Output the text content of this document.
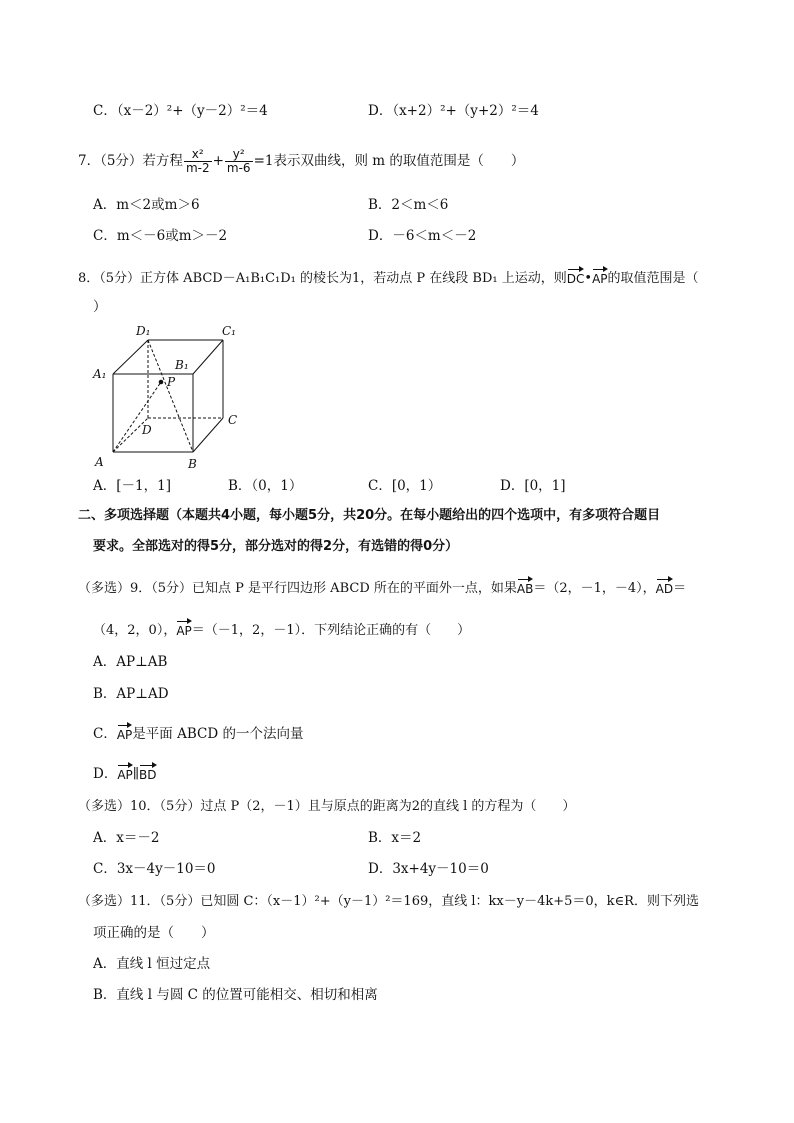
C．（x－2）²+（y－2）²＝4	D．（x+2）²+（y+2）²＝4
7．（5分）若方程 $\frac{\text{x²}}{m-2} + \frac{\text{y²}}{m-6} =1$表示双曲线，则 m 的取值范围是（　　）
A．m＜2或m＞6	B．2＜m＜6
C．m＜－6或m＞－2	D．－6＜m＜－2
8．（5分）正方体 ABCD－A₁B₁C₁D₁ 的棱长为1，若动点 P 在线段 BD₁ 上运动，则DC•AP的取值范围是（
）
D₁	C₁
B₁
A₁
P
D
C
A	B
A．[－1，1]	B．（0，1）	C．[0，1）	D．[0，1]
二、多项选择题（本题共4小题，每小题5分，共20分。在每小题给出的四个选项中，有多项符合题目
要求。全部选对的得5分，部分选对的得2分，有选错的得0分）
（多选）9．（5分）已知点 P 是平行四边形 ABCD 所在的平面外一点，如果AB＝（2，－1，－4），AD＝
（4，2，0），AP＝（－1，2，－1）．下列结论正确的有（　　）
A．AP⊥AB
B．AP⊥AD
C．AP是平面 ABCD 的一个法向量
D．AP∥BD
（多选）10．（5分）过点 P（2，－1）且与原点的距离为2的直线 l 的方程为（　　）
A．x＝－2	B．x＝2
C．3x－4y－10＝0	D．3x+4y－10＝0
（多选）11．（5分）已知圆 C：（x－1）²+（y－1）²＝169，直线 l：kx－y－4k+5＝0，k∈R．则下列选
项正确的是（　　）
A．直线 l 恒过定点
B．直线 l 与圆 C 的位置可能相交、相切和相离
